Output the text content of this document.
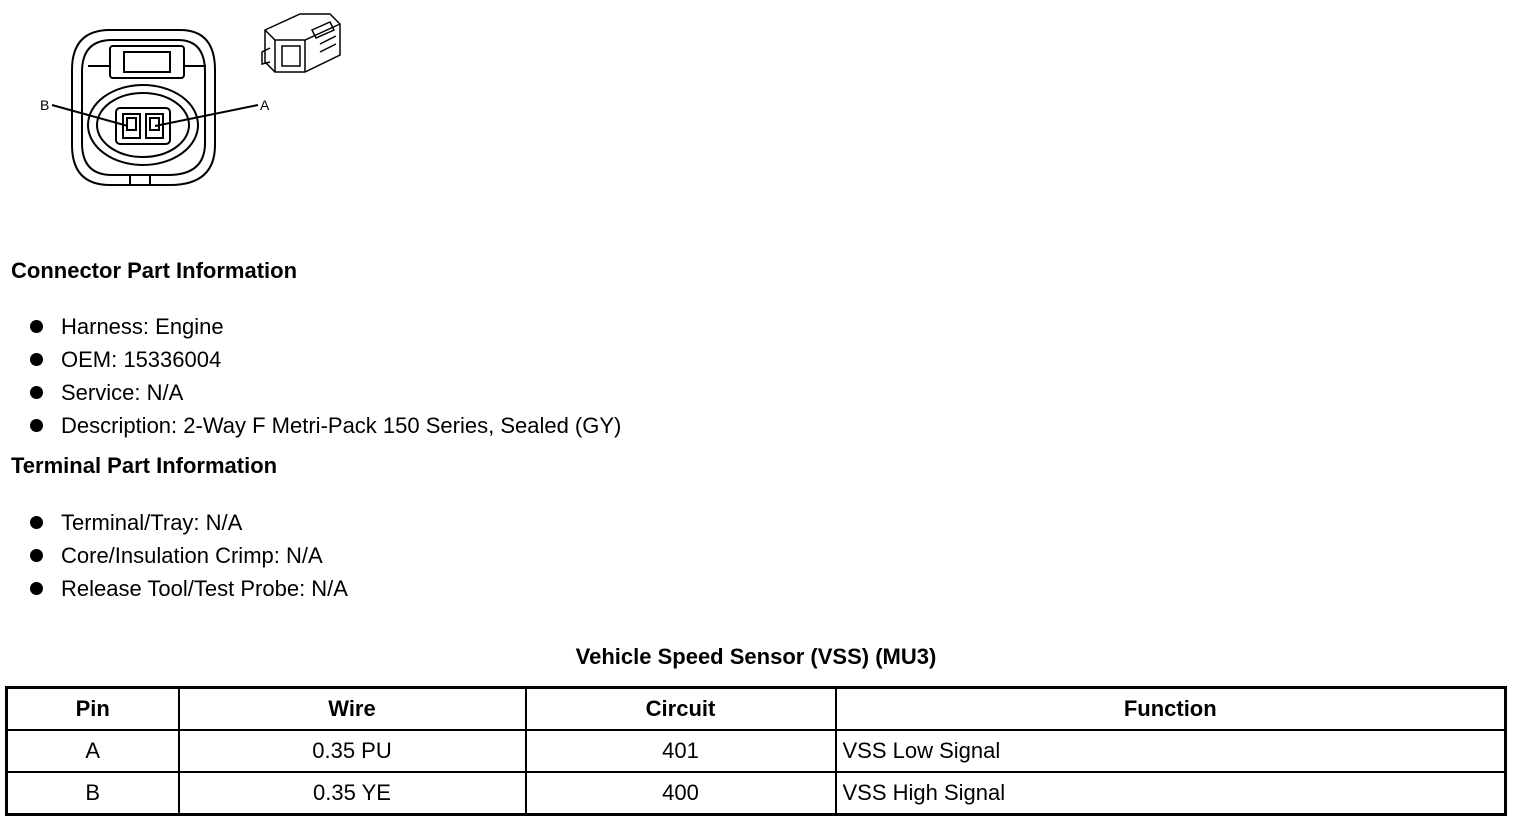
B	A
Connector Part Information
Harness: Engine
OEM: 15336004
Service: N/A
Description: 2-Way F Metri-Pack 150 Series, Sealed (GY)
Terminal Part Information
Terminal/Tray: N/A
Core/Insulation Crimp: N/A
Release Tool/Test Probe: N/A
Vehicle Speed Sensor (VSS) (MU3)
Pin	Wire	Circuit	Function
A	0.35 PU	401	VSS Low Signal
B	0.35 YE	400	VSS High Signal
